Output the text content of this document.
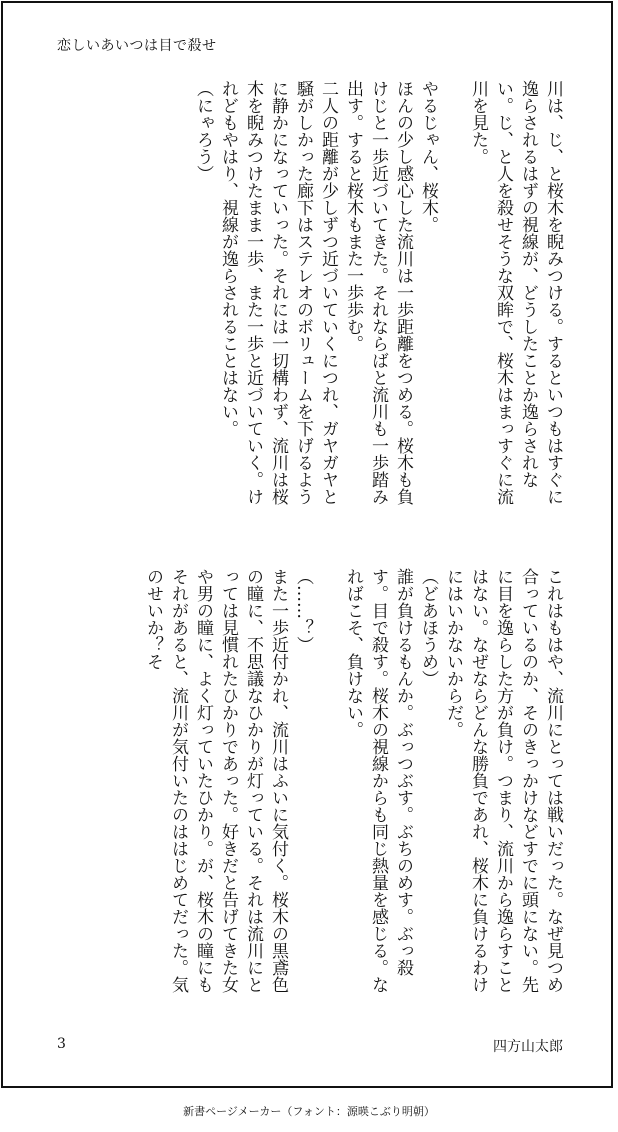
恋しいあいつは目で殺せ

川は、じ、と桜木を睨みつける。するといつもはすぐに逸らされるはずの視線が、どうしたことか逸らされない。じ、と人を殺せそうな双眸で、桜木はまっすぐに流川を見た。

やるじゃん、桜木。

ほんの少し感心した流川は一歩距離をつめる。桜木も負けじと一歩近づいてきた。それならばと流川も一歩踏み出す。すると桜木もまた一歩歩む。

二人の距離が少しずつ近づいていくにつれ、ガヤガヤと騒がしかった廊下はステレオのボリュームを下げるように静かになっていった。それには一切構わず、流川は桜木を睨みつけたまま一歩、また一歩と近づいていく。けれどもやはり、視線が逸らされることはない。

（にゃろう）

これはもはや、流川にとっては戦いだった。なぜ見つめ合っているのか、そのきっかけなどすでに頭にない。先に目を逸らした方が負け。つまり、流川から逸らすことはない。なぜならどんな勝負であれ、桜木に負けるわけにはいかないからだ。

（どあほうめ）

誰が負けるもんか。ぶっつぶす。ぶちのめす。ぶっ殺す。目で殺す。桜木の視線からも同じ熱量を感じる。なればこそ、負けない。

（……？）

また一歩近付かれ、流川はふいに気付く。桜木の黒鳶色の瞳に、不思議なひかりが灯っている。それは流川にとっては見慣れたひかりであった。好きだと告げてきた女や男の瞳に、よく灯っていたひかり。が、桜木の瞳にもそれがあると、流川が気付いたのははじめてだった。気のせいか？そ

3	四方山太郎
新書ページメーカー（フォント：源暎こぶり明朝）
